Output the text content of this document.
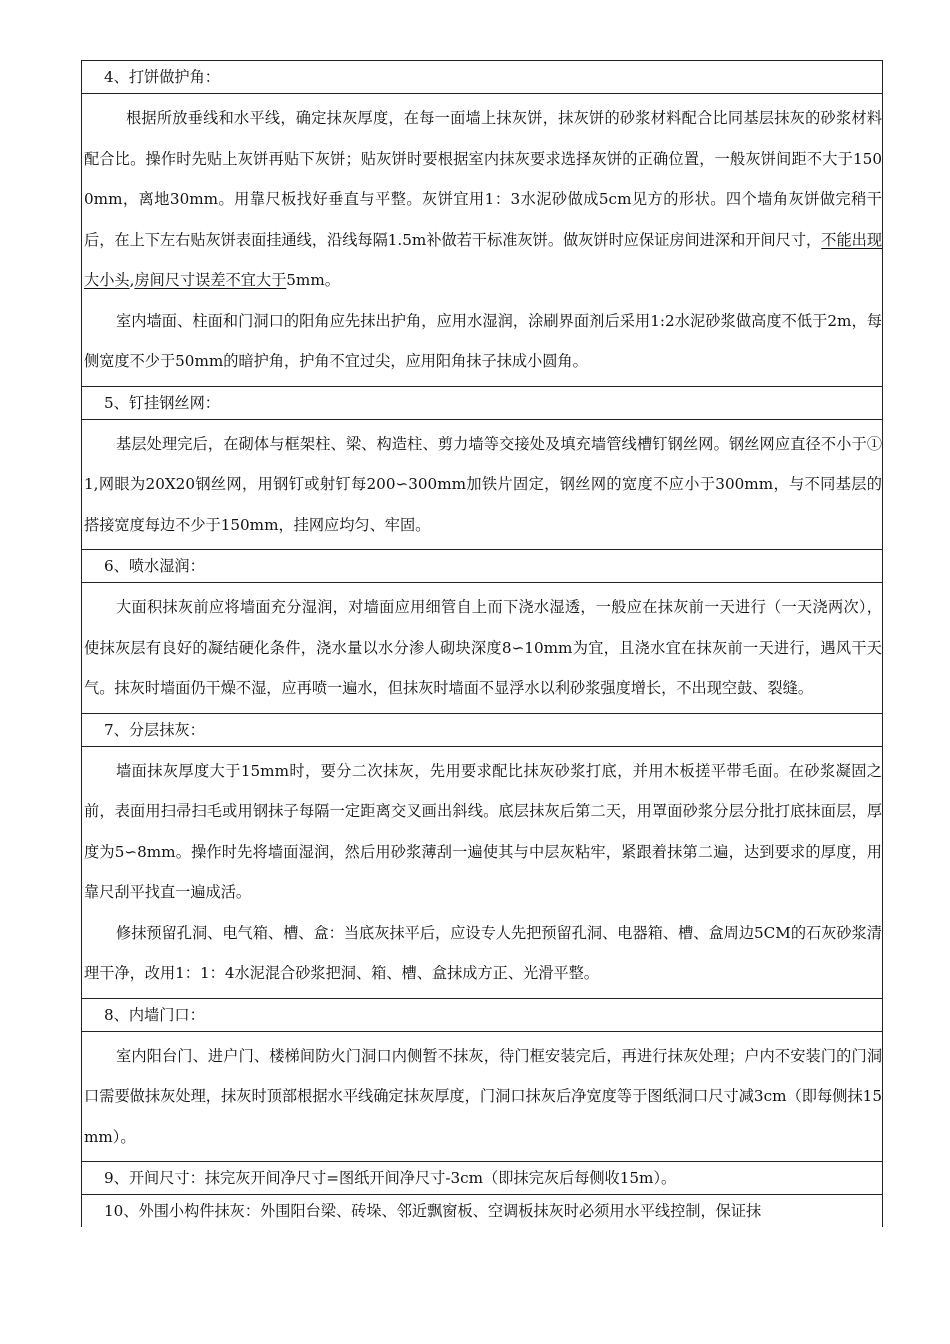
4、打饼做护角：

根据所放垂线和水平线，确定抹灰厚度，在每一面墙上抹灰饼，抹灰饼的砂浆材料配合比同基层抹灰的砂浆材料配合比。操作时先贴上灰饼再贴下灰饼；贴灰饼时要根据室内抹灰要求选择灰饼的正确位置，一般灰饼间距不大于1500mm，离地30mm。用靠尺板找好垂直与平整。灰饼宜用1：3水泥砂做成5cm见方的形状。四个墙角灰饼做完稍干后，在上下左右贴灰饼表面挂通线，沿线每隔1.5m补做若干标准灰饼。做灰饼时应保证房间进深和开间尺寸，不能出现大小头,房间尺寸误差不宜大于5mm。

室内墙面、柱面和门洞口的阳角应先抹出护角，应用水湿润，涂刷界面剂后采用1:2水泥砂浆做高度不低于2m，每侧宽度不少于50mm的暗护角，护角不宜过尖，应用阳角抹子抹成小圆角。

5、钉挂钢丝网：

基层处理完后，在砌体与框架柱、梁、构造柱、剪力墙等交接处及填充墙管线槽钉钢丝网。钢丝网应直径不小于①1,网眼为20X20钢丝网，用钢钉或射钉每200∽300mm加铁片固定，钢丝网的宽度不应小于300mm，与不同基层的搭接宽度每边不少于150mm，挂网应均匀、牢固。

6、喷水湿润：

大面积抹灰前应将墙面充分湿润，对墙面应用细管自上而下浇水湿透，一般应在抹灰前一天进行（一天浇两次），使抹灰层有良好的凝结硬化条件，浇水量以水分渗人砌块深度8∽10mm为宜，且浇水宜在抹灰前一天进行，遇风干天气。抹灰时墙面仍干燥不湿，应再喷一遍水，但抹灰时墙面不显浮水以利砂浆强度增长，不出现空鼓、裂缝。

7、分层抹灰：

墙面抹灰厚度大于15mm时，要分二次抹灰，先用要求配比抹灰砂浆打底，并用木板搓平带毛面。在砂浆凝固之前，表面用扫帚扫毛或用钢抹子每隔一定距离交叉画出斜线。底层抹灰后第二天，用罩面砂浆分层分批打底抹面层，厚度为5∽8mm。操作时先将墙面湿润，然后用砂浆薄刮一遍使其与中层灰粘牢，紧跟着抹第二遍，达到要求的厚度，用靠尺刮平找直一遍成活。

修抹预留孔洞、电气箱、槽、盒：当底灰抹平后，应设专人先把预留孔洞、电器箱、槽、盒周边5CM的石灰砂浆清理干净，改用1：1：4水泥混合砂浆把洞、箱、槽、盒抹成方正、光滑平整。

8、内墙门口：

室内阳台门、进户门、楼梯间防火门洞口内侧暂不抹灰，待门框安装完后，再进行抹灰处理；户内不安装门的门洞口需要做抹灰处理，抹灰时顶部根据水平线确定抹灰厚度，门洞口抹灰后净宽度等于图纸洞口尺寸减3cm（即每侧抹15mm）。

9、开间尺寸：抹完灰开间净尺寸=图纸开间净尺寸-3cm（即抹完灰后每侧收15m）。
10、外围小构件抹灰：外围阳台梁、砖垛、邻近飘窗板、空调板抹灰时必须用水平线控制，保证抹
